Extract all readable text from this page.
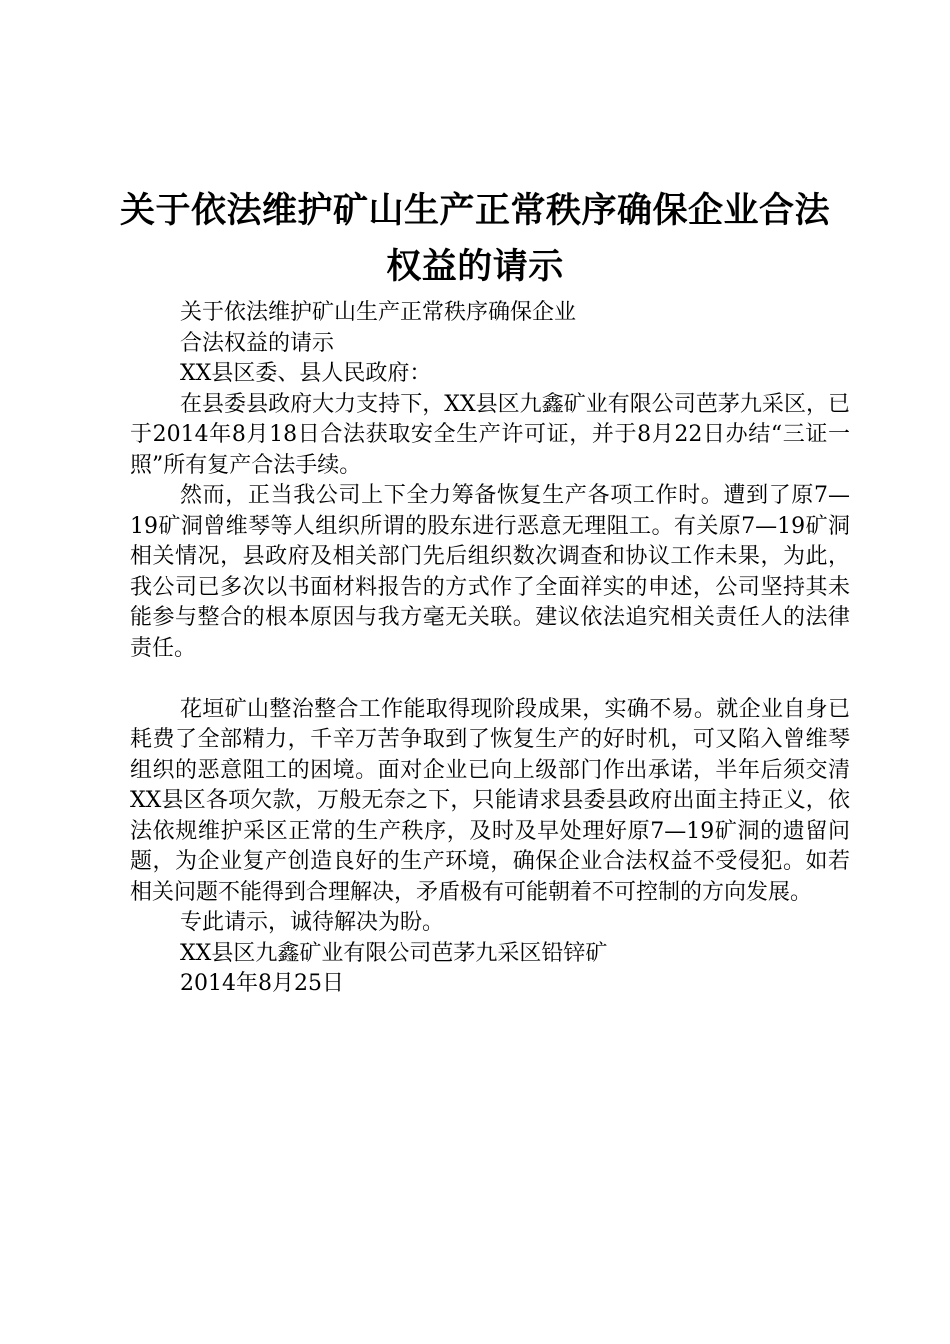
关于依法维护矿山生产正常秩序确保企业合法
权益的请示

关于依法维护矿山生产正常秩序确保企业

合法权益的请示

XX县区委、县人民政府：

在县委县政府大力支持下，XX县区九鑫矿业有限公司芭茅九采区，已于2014年8月18日合法获取安全生产许可证，并于8月22日办结“三证一照”所有复产合法手续。

然而，正当我公司上下全力筹备恢复生产各项工作时。遭到了原7—19矿洞曾维琴等人组织所谓的股东进行恶意无理阻工。有关原7—19矿洞相关情况，县政府及相关部门先后组织数次调查和协议工作未果，为此，我公司已多次以书面材料报告的方式作了全面祥实的申述，公司坚持其未能参与整合的根本原因与我方毫无关联。建议依法追究相关责任人的法律责任。

花垣矿山整治整合工作能取得现阶段成果，实确不易。就企业自身已耗费了全部精力，千辛万苦争取到了恢复生产的好时机，可又陷入曾维琴组织的恶意阻工的困境。面对企业已向上级部门作出承诺，半年后须交清XX县区各项欠款，万般无奈之下，只能请求县委县政府出面主持正义，依法依规维护采区正常的生产秩序，及时及早处理好原7—19矿洞的遗留问题，为企业复产创造良好的生产环境，确保企业合法权益不受侵犯。如若相关问题不能得到合理解决，矛盾极有可能朝着不可控制的方向发展。

专此请示，诚待解决为盼。

XX县区九鑫矿业有限公司芭茅九采区铅锌矿

2014年8月25日
